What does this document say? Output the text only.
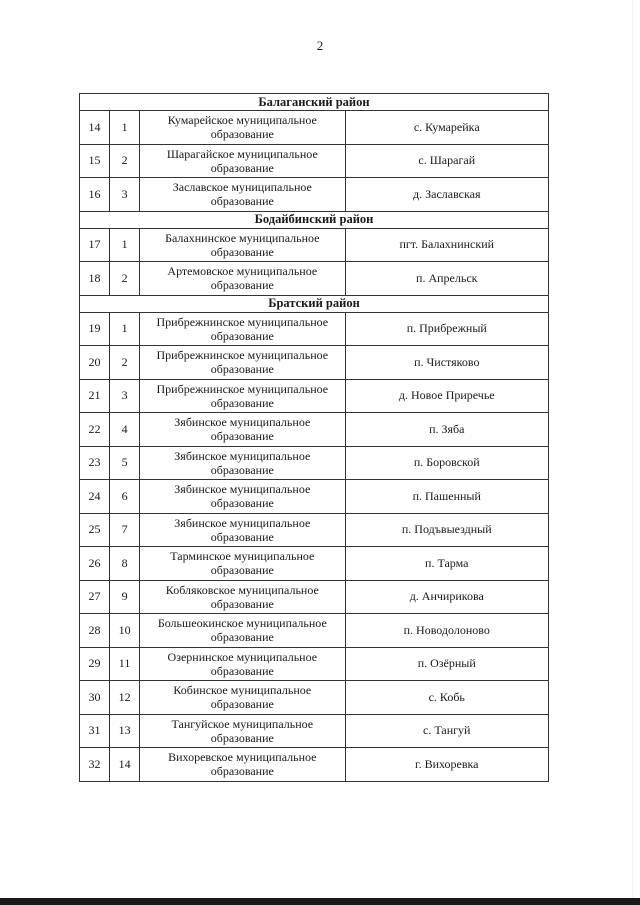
2
Балаганский район			
14	1	Кумарейское муниципальное
образование	с. Кумарейка
15	2	Шарагайское муниципальное
образование	с. Шарагай
16	3	Заславское муниципальное
образование	д. Заславская
Бодайбинский район			
17	1	Балахнинское муниципальное
образование	пгт. Балахнинский
18	2	Артемовское муниципальное
образование	п. Апрельск
Братский район			
19	1	Прибрежнинское муниципальное
образование	п. Прибрежный
20	2	Прибрежнинское муниципальное
образование	п. Чистяково
21	3	Прибрежнинское муниципальное
образование	д. Новое Приречье
22	4	Зябинское муниципальное
образование	п. Зяба
23	5	Зябинское муниципальное
образование	п. Боровской
24	6	Зябинское муниципальное
образование	п. Пашенный
25	7	Зябинское муниципальное
образование	п. Подъвыездный
26	8	Тарминское муниципальное
образование	п. Тарма
27	9	Кобляковское муниципальное
образование	д. Анчирикова
28	10	Большеокинское муниципальное
образование	п. Новодолоново
29	11	Озернинское муниципальное
образование	п. Озёрный
30	12	Кобинское муниципальное
образование	с. Кобь
31	13	Тангуйское муниципальное
образование	с. Тангуй
32	14	Вихоревское муниципальное
образование	г. Вихоревка
